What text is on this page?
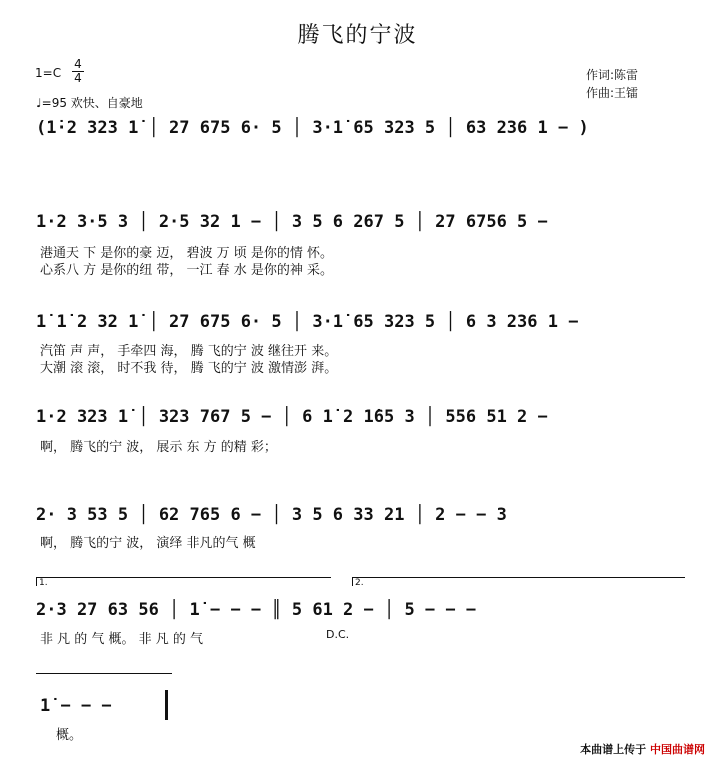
腾飞的宁波
$1=C \frac{4}{4}$
♩=95 欢快、自豪地
作词:陈雷
作曲:王镭
(1̇·2 323 1̇ │ 27 675 6· 5 │ 3·1̇ 65 323 5 │ 63 236 1 − )
1·2 3·5 3 │ 2·5 32 1 − │ 3 5 6 267 5 │ 27 6756 5 −
港通天 下 是你的豪 迈， 碧波 万 顷 是你的情 怀。
心系八 方 是你的纽 带， 一江 春 水 是你的神 采。
1̇ 1̇ 2 32 1̇ │ 27 675 6· 5 │ 3·1̇ 65 323 5 │ 6 3 236 1 −
汽笛 声 声， 手牵四 海， 腾 飞的宁 波 继往开 来。
大潮 滚 滚， 时不我 待， 腾 飞的宁 波 激情澎 湃。
1·2 323 1̇ │ 323 767 5 − │ 6 1̇ 2 1̇65 3 │ 556 51 2 −
啊， 腾飞的宁 波， 展示 东 方 的精 彩；
2· 3 53 5 │ 62 765 6 − │ 3 5 6 33 21 │ 2 − − 3
啊， 腾飞的宁 波， 演绎 非凡的气 概
1.	2.
2·3 27 63 56 │ 1̇ − − − ║ 5 61 2 − │ 5 − − −
非 凡 的 气 概。 非 凡 的 气	D.C.
1̇ − − −
概。
本曲谱上传于 中国曲谱网
